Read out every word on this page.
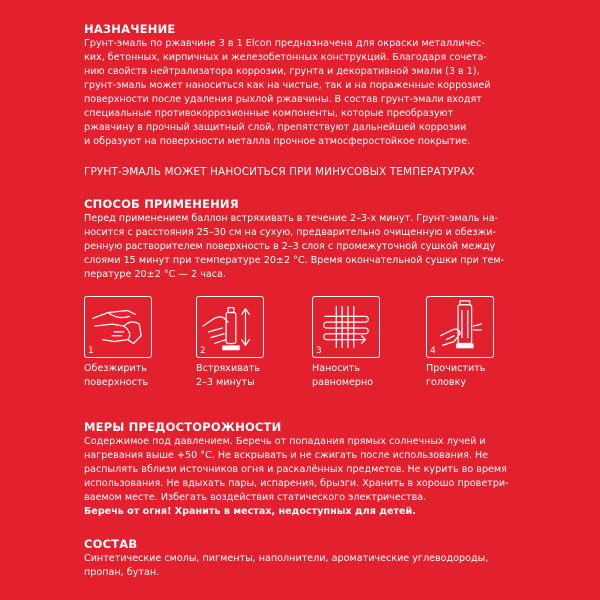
НАЗНАЧЕНИЕ
Грунт-эмаль по ржавчине 3 в 1 Elcon предназначена для окраски металличес-
ких, бетонных, кирпичных и железобетонных конструкций. Благодаря сочета-
нию свойств нейтрализатора коррозии, грунта и декоративной эмали (3 в 1),
грунт-эмаль может наноситься как на чистые, так и на пораженные коррозией
поверхности после удаления рыхлой ржавчины. В состав грунт-эмали входят
специальные противокоррозионные компоненты, которые преобразуют
ржавчину в прочный защитный слой, препятствуют дальнейшей коррозии
и образуют на поверхности металла прочное атмосферостойкое покрытие.
ГРУНТ-ЭМАЛЬ МОЖЕТ НАНОСИТЬСЯ ПРИ МИНУСОВЫХ ТЕМПЕРАТУРАХ
СПОСОБ ПРИМЕНЕНИЯ
Перед применением баллон встряхивать в течение 2–3-х минут. Грунт-эмаль на-
носится с расстояния 25–30 см на сухую, предварительно очищенную и обезжи-
ренную растворителем поверхность в 2–3 слоя с промежуточной сушкой между
слоями 15 минут при температуре 20±2 °С. Время окончательной сушки при тем-
пературе 20±2 °С — 2 часа.
1
Обезжирить
поверхность
2
Встряхивать
2–3 минуты
3
Наносить
равномерно
4
Прочистить
головку
МЕРЫ ПРЕДОСТОРОЖНОСТИ
Содержимое под давлением. Беречь от попадания прямых солнечных лучей и
нагревания выше +50 °С. Не вскрывать и не сжигать после использования. Не
распылять вблизи источников огня и раскалённых предметов. Не курить во время
использования. Не вдыхать пары, испарения, брызги. Хранить в хорошо проветри-
ваемом месте. Избегать воздействия статического электричества.
Беречь от огня! Хранить в местах, недоступных для детей.
СОСТАВ
Синтетические смолы, пигменты, наполнители, ароматические углеводороды,
пропан, бутан.
